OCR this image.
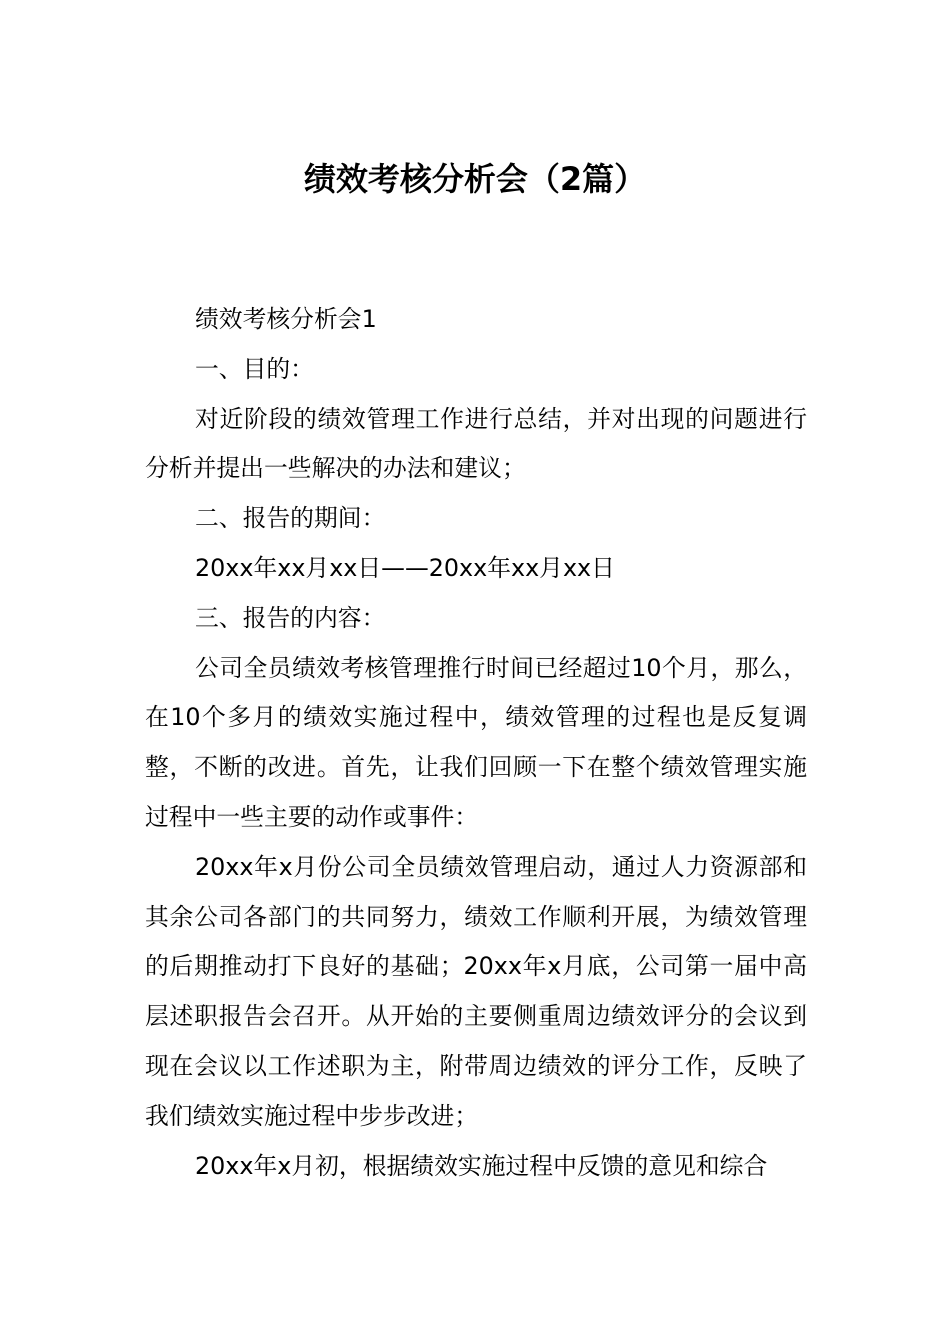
绩效考核分析会（2篇）

绩效考核分析会1

一、目的：

对近阶段的绩效管理工作进行总结，并对出现的问题进行分析并提出一些解决的办法和建议；

二、报告的期间：

20xx年xx月xx日——20xx年xx月xx日

三、报告的内容：

公司全员绩效考核管理推行时间已经超过10个月，那么，在10个多月的绩效实施过程中，绩效管理的过程也是反复调整，不断的改进。首先，让我们回顾一下在整个绩效管理实施过程中一些主要的动作或事件：

20xx年x月份公司全员绩效管理启动，通过人力资源部和其余公司各部门的共同努力，绩效工作顺利开展，为绩效管理的后期推动打下良好的基础；20xx年x月底，公司第一届中高层述职报告会召开。从开始的主要侧重周边绩效评分的会议到现在会议以工作述职为主，附带周边绩效的评分工作，反映了我们绩效实施过程中步步改进；

20xx年x月初，根据绩效实施过程中反馈的意见和综合
